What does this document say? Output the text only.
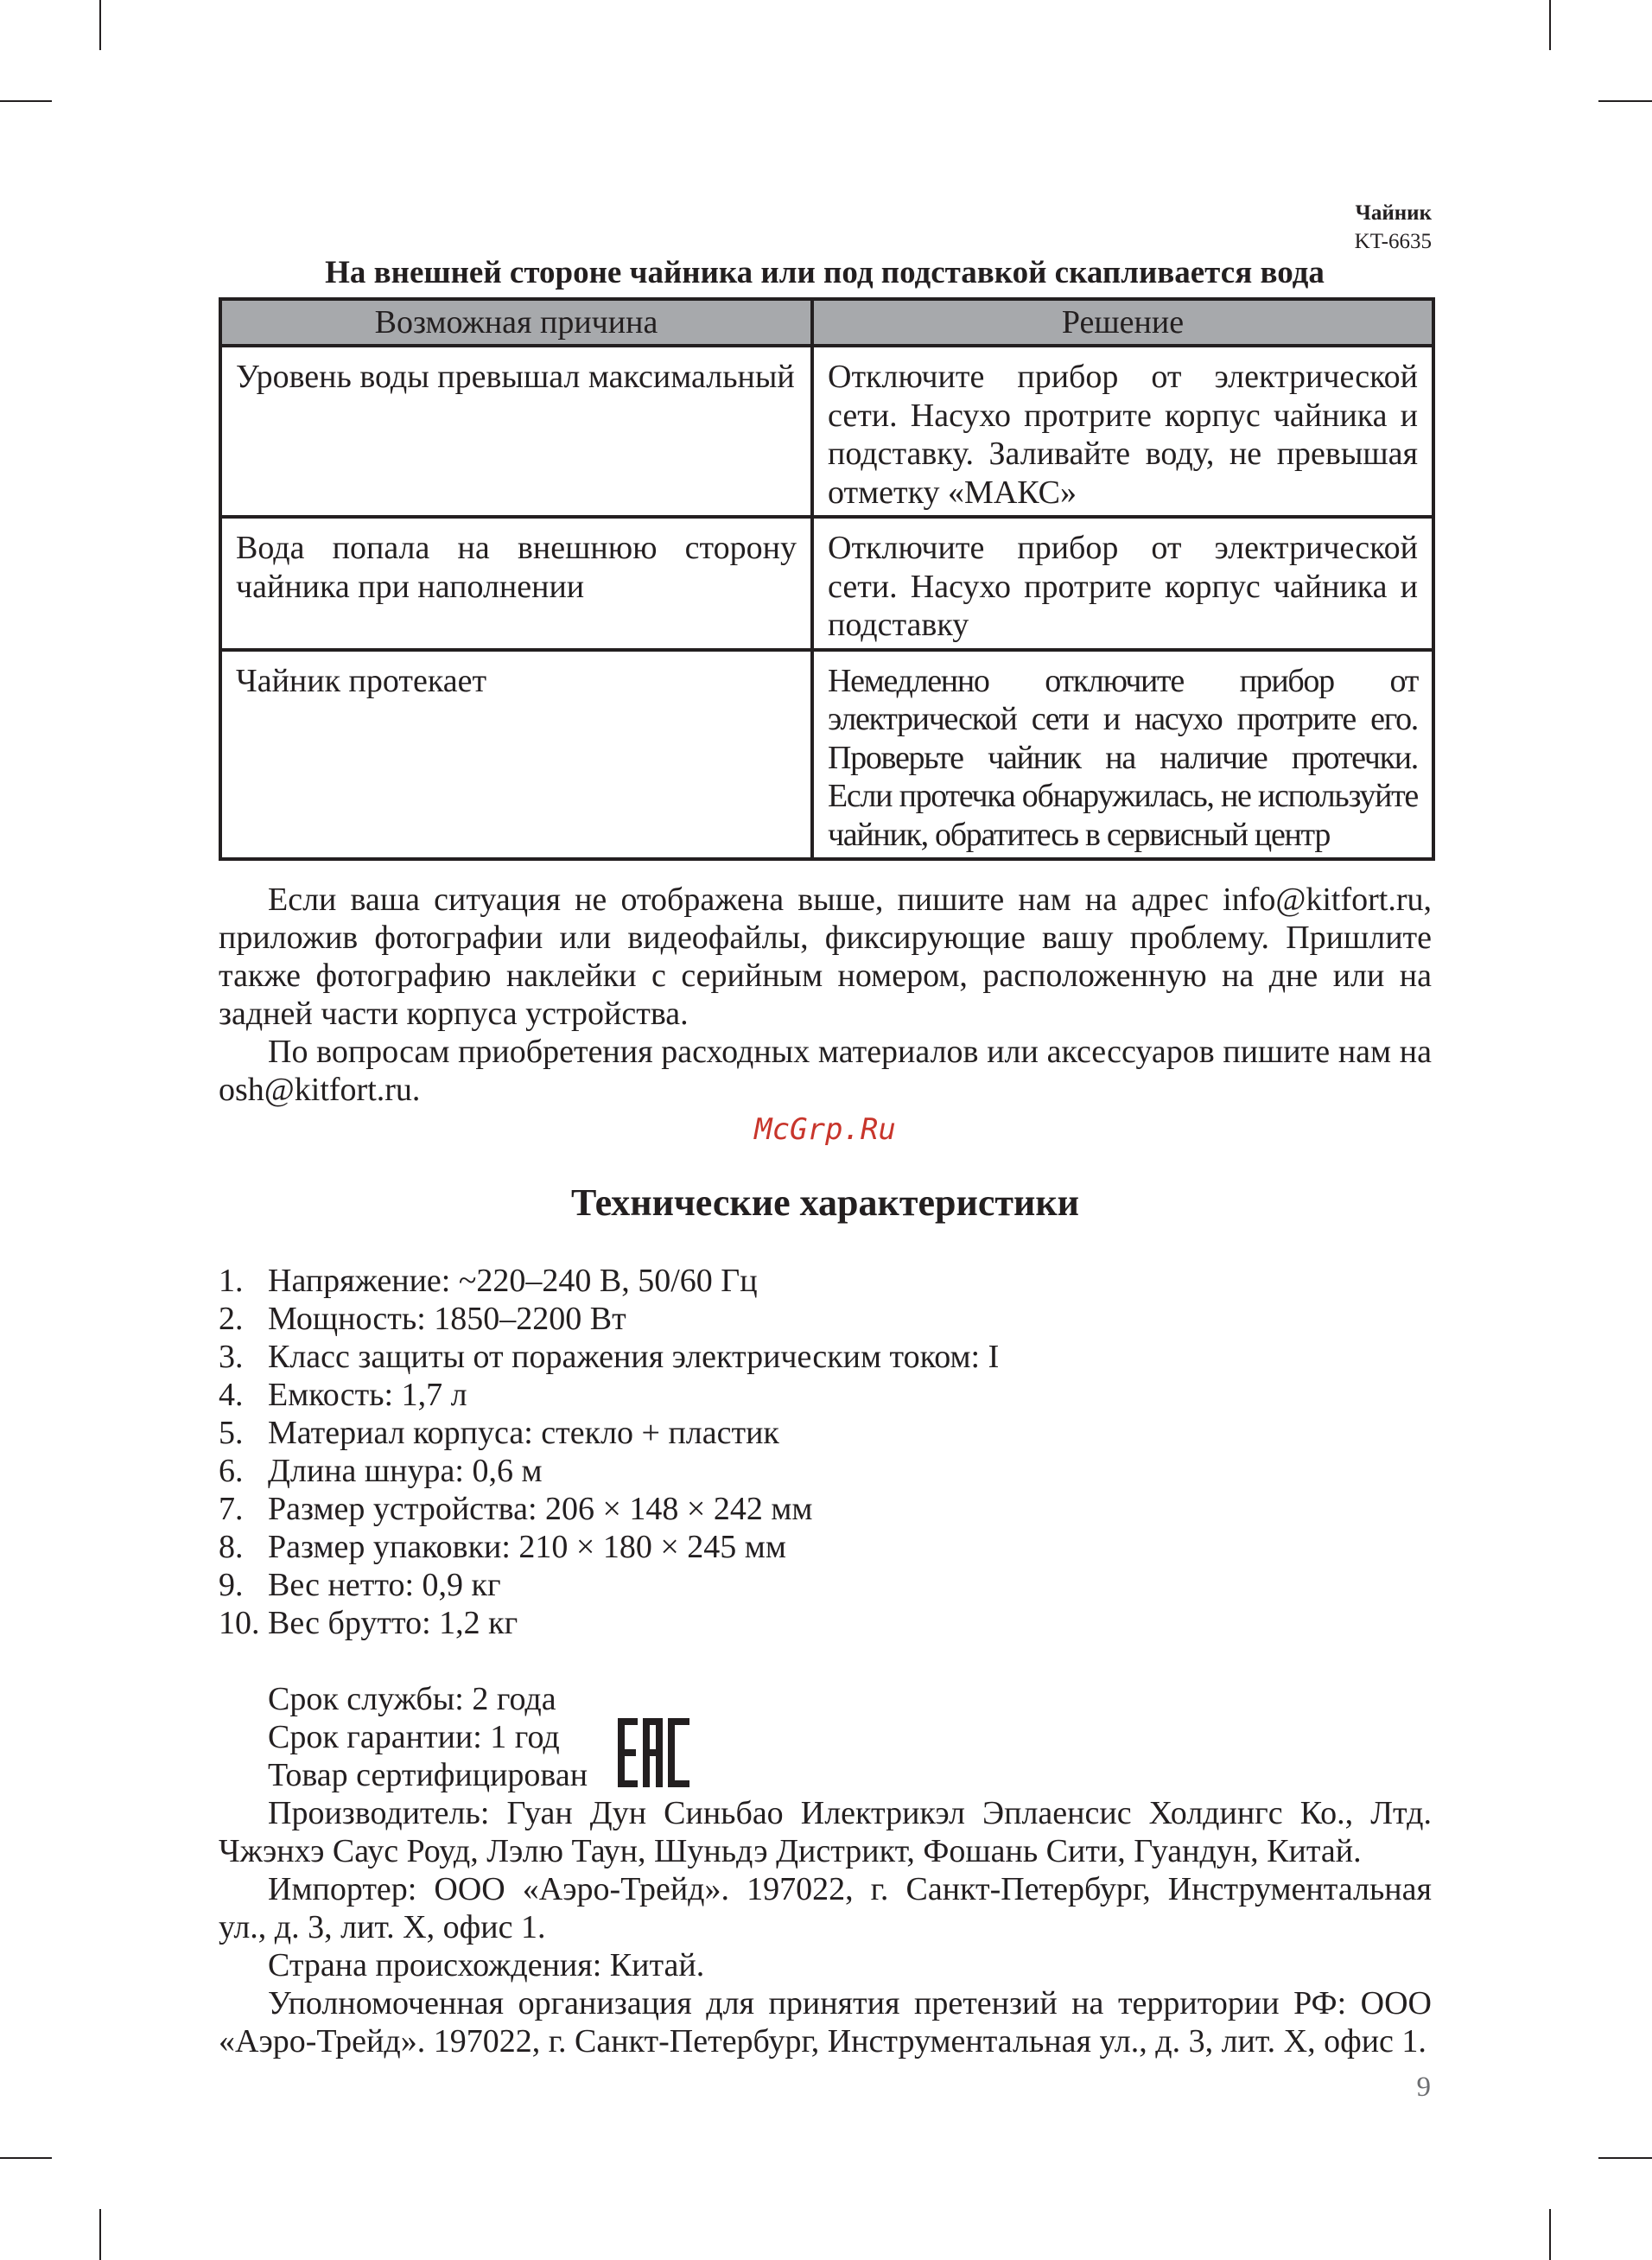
Чайник
KT-6635
На внешней стороне чайника или под подставкой скапливается вода
Возможная причина	Решение
Уровень воды превышал максимальный	Отключите прибор от электрической сети. Насухо протрите корпус чайника и подставку. Заливайте воду, не превышая отметку «МАКС»
Вода попала на внешнюю сторону чайника при наполнении	Отключите прибор от электрической сети. Насухо протрите корпус чайника и подставку
Чайник протекает	Немедленно отключите прибор от электрической сети и насухо протрите его. Проверьте чайник на наличие протечки. Если протечка обнаружилась, не используйте чайник, обратитесь в сервисный центр

Если ваша ситуация не отображена выше, пишите нам на адрес info@kitfort.ru, приложив фотографии или видеофайлы, фиксирующие вашу проблему. Пришлите также фотографию наклейки с серийным номером, расположенную на дне или на задней части корпуса устройства.

По вопросам приобретения расходных материалов или аксессуаров пишите нам на osh@kitfort.ru.

McGrp.Ru
Технические характеристики
1. Напряжение: ~220–240 В, 50/60 Гц
2. Мощность: 1850–2200 Вт
3. Класс защиты от поражения электрическим током: I
4. Емкость: 1,7 л
5. Материал корпуса: стекло + пластик
6. Длина шнура: 0,6 м
7. Размер устройства: 206 × 148 × 242 мм
8. Размер упаковки: 210 × 180 × 245 мм
9. Вес нетто: 0,9 кг
10. Вес брутто: 1,2 кг
Срок службы: 2 года
Срок гарантии: 1 год
Товар сертифицирован

Производитель: Гуан Дун Синьбао Илектрикэл Эплаенсис Холдингс Ко., Лтд. Чжэнхэ Саус Роуд, Лэлю Таун, Шуньдэ Дистрикт, Фошань Сити, Гуандун, Китай.

Импортер: ООО «Аэро-Трейд». 197022, г. Санкт-Петербург, Инструментальная ул., д. 3, лит. Х, офис 1.

Страна происхождения: Китай.

Уполномоченная организация для принятия претензий на территории РФ: ООО «Аэро-Трейд». 197022, г. Санкт-Петербург, Инструментальная ул., д. 3, лит. Х, офис 1.

9
